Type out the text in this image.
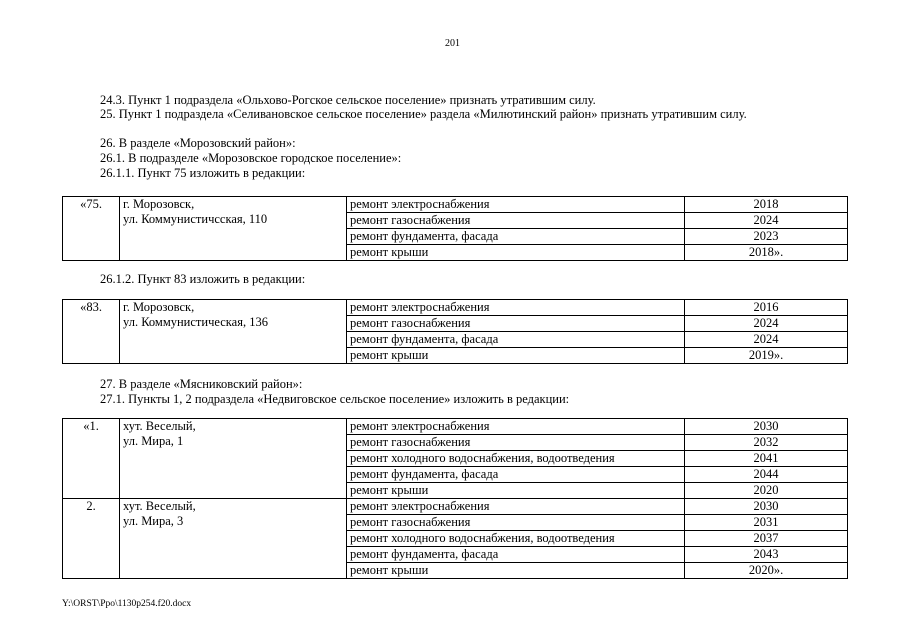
201
24.3. Пункт 1 подраздела «Ольхово-Рогское сельское поселение» признать утратившим силу.
25. Пункт 1 подраздела «Селивановское сельское поселение» раздела «Милютинский район» признать утратившим силу.
26. В разделе «Морозовский район»:
26.1. В подразделе «Морозовское городское поселение»:
26.1.1. Пункт 75 изложить в редакции:
«75.	г. Морозовск,
ул. Коммунистичсская, 110	ремонт электроснабжения	2018
		ремонт газоснабжения	2024
		ремонт фундамента, фасада	2023
		ремонт крыши	2018».
26.1.2. Пункт 83 изложить в редакции:
«83.	г. Морозовск,
ул. Коммунистическая, 136	ремонт электроснабжения	2016
		ремонт газоснабжения	2024
		ремонт фундамента, фасада	2024
		ремонт крыши	2019».
27. В разделе «Мясниковский район»:
27.1. Пункты 1, 2 подраздела «Недвиговское сельское поселение» изложить в редакции:
«1.	хут. Веселый,
ул. Мира, 1	ремонт электроснабжения	2030
		ремонт газоснабжения	2032
		ремонт холодного водоснабжения, водоотведения	2041
		ремонт фундамента, фасада	2044
		ремонт крыши	2020
2.	хут. Веселый,
ул. Мира, 3	ремонт электроснабжения	2030
		ремонт газоснабжения	2031
		ремонт холодного водоснабжения, водоотведения	2037
		ремонт фундамента, фасада	2043
		ремонт крыши	2020».
Y:\ORST\Ppo\1130p254.f20.docx
